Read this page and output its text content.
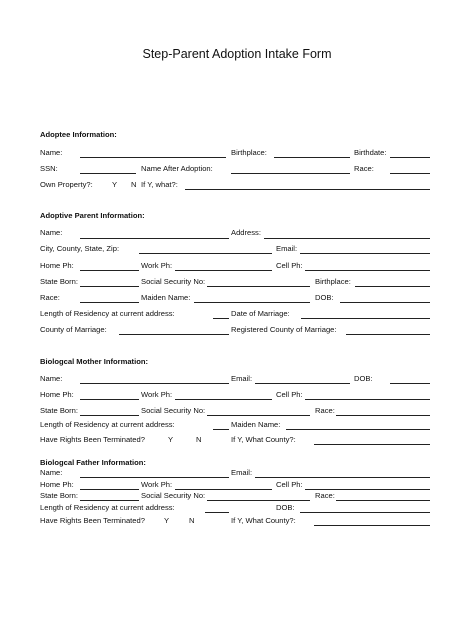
Step-Parent Adoption Intake Form
Adoptee Information:
Name:	Birthplace:	Birthdate:
SSN:	Name After Adoption:	Race:
Own Property?:	Y N If Y, what?:
Adoptive Parent Information:
Name:	Address:
City, County, State, Zip:	Email:
Home Ph:	Work Ph:	Cell Ph:
State Born:	Social Security No:	Birthplace:
Race:	Maiden Name:	DOB:
Length of Residency at current address:	Date of Marriage:
County of Marriage:	Registered County of Marriage:
Biologcal Mother Information:
Name:	Email:	DOB:
Home Ph:	Work Ph:	Cell Ph:
State Born:	Social Security No:	Race:
Length of Residency at current address:	Maiden Name:
Have Rights Been Terminated?	Y	N	If Y, What County?:
Biologcal Father Information:
Name:	Email:
Home Ph:	Work Ph:	Cell Ph:
State Born:	Social Security No:	Race:
Length of Residency at current address:	DOB:
Have Rights Been Terminated?	Y	N	If Y, What County?:
